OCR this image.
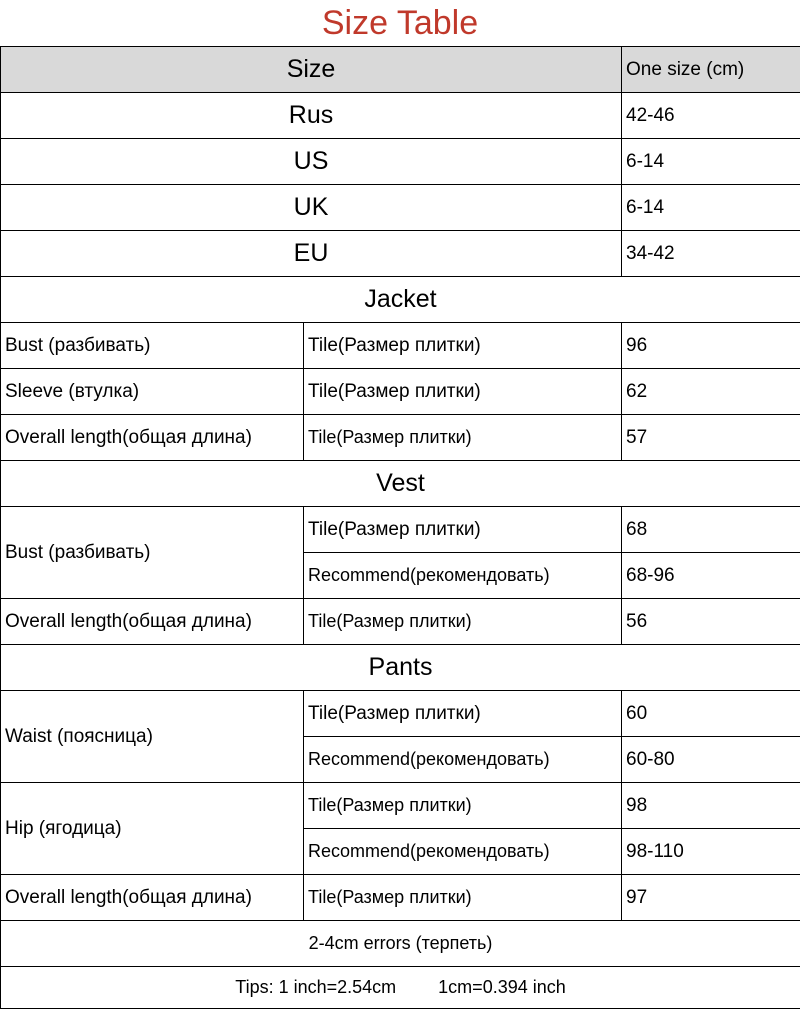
Size Table
Size		One size (cm)
Rus		42-46
US		6-14
UK		6-14
EU		34-42
Jacket		
Bust (разбивать)	Tile(Размер плитки)	96
Sleeve (втулка)	Tile(Размер плитки)	62
Overall length(общая длина)	Tile(Размер плитки)	57
Vest		
Bust (разбивать)	Tile(Размер плитки)	68
	Recommend(рекомендовать)	68-96
Overall length(общая длина)	Tile(Размер плитки)	56
Pants		
Waist (поясница)	Tile(Размер плитки)	60
	Recommend(рекомендовать)	60-80
Hip (ягодица)	Tile(Размер плитки)	98
	Recommend(рекомендовать)	98-110
Overall length(общая длина)	Tile(Размер плитки)	97
2-4cm errors (терпеть)		
Tips: 1 inch=2.54cm 1cm=0.394 inch		
